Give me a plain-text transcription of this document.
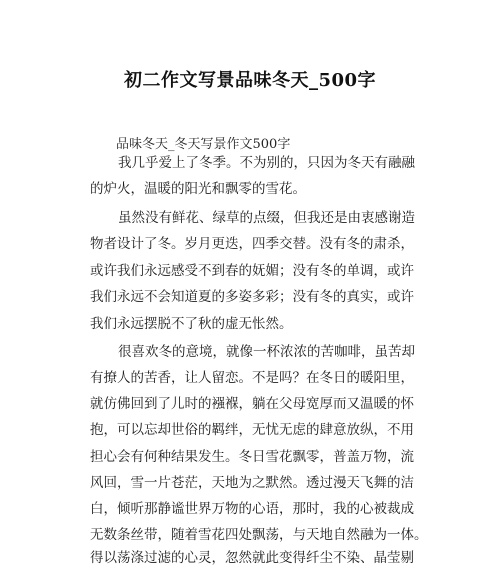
初二作文写景品味冬天_500字
品味冬天_冬天写景作文500字
我几乎爱上了冬季。不为别的，只因为冬天有融融
的炉火，温暖的阳光和飘零的雪花。
虽然没有鲜花、绿草的点缀，但我还是由衷感谢造
物者设计了冬。岁月更迭，四季交替。没有冬的肃杀，
或许我们永远感受不到春的妩媚；没有冬的单调，或许
我们永远不会知道夏的多姿多彩；没有冬的真实，或许
我们永远摆脱不了秋的虚无怅然。
很喜欢冬的意境，就像一杯浓浓的苦咖啡，虽苦却
有撩人的苦香，让人留恋。不是吗？在冬日的暖阳里，
就仿佛回到了儿时的襁褓，躺在父母宽厚而又温暖的怀
抱，可以忘却世俗的羁绊，无忧无虑的肆意放纵，不用
担心会有何种结果发生。冬日雪花飘零，普盖万物，流
风回，雪一片苍茫，天地为之默然。透过漫天飞舞的洁
白，倾听那静谧世界万物的心语，那时，我的心被裁成
无数条丝带，随着雪花四处飘荡，与天地自然融为一体。
得以荡涤过滤的心灵，忽然就此变得纤尘不染、晶莹剔
